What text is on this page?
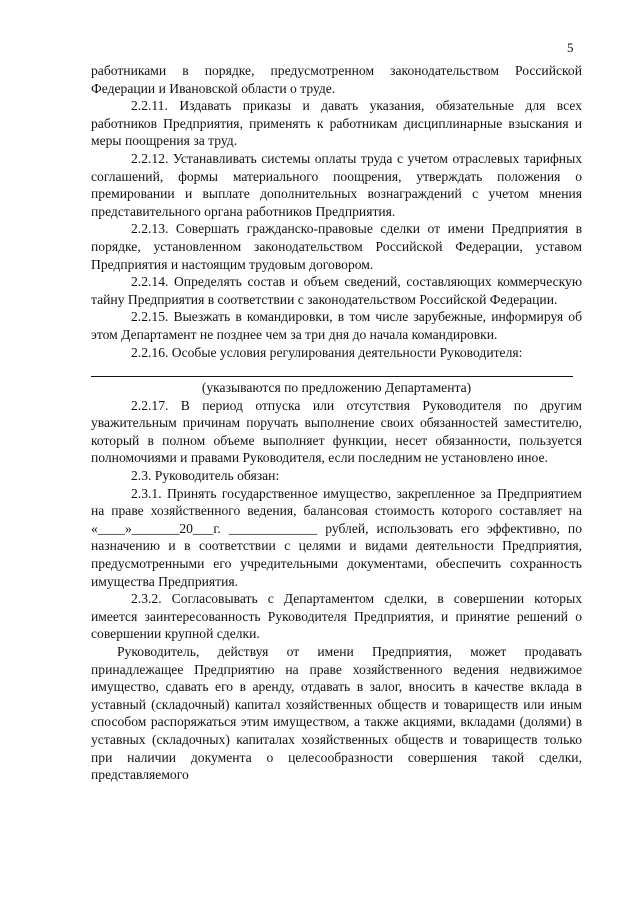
5

работниками в порядке, предусмотренном законодательством Российской Федерации и Ивановской области о труде.

2.2.11. Издавать приказы и давать указания, обязательные для всех работников Предприятия, применять к работникам дисциплинарные взыскания и меры поощрения за труд.

2.2.12. Устанавливать системы оплаты труда с учетом отраслевых тарифных соглашений, формы материального поощрения, утверждать положения о премировании и выплате дополнительных вознаграждений с учетом мнения представительного органа работников Предприятия.

2.2.13. Совершать гражданско-правовые сделки от имени Предприятия в порядке, установленном законодательством Российской Федерации, уставом Предприятия и настоящим трудовым договором.

2.2.14. Определять состав и объем сведений, составляющих коммерческую тайну Предприятия в соответствии с законодательством Российской Федерации.

2.2.15. Выезжать в командировки, в том числе зарубежные, информируя об этом Департамент не позднее чем за три дня до начала командировки.

2.2.16. Особые условия регулирования деятельности Руководителя:

(указываются по предложению Департамента)

2.2.17. В период отпуска или отсутствия Руководителя по другим уважительным причинам поручать выполнение своих обязанностей заместителю, который в полном объеме выполняет функции, несет обязанности, пользуется полномочиями и правами Руководителя, если последним не установлено иное.

2.3. Руководитель обязан:

2.3.1. Принять государственное имущество, закрепленное за Предприятием на праве хозяйственного ведения, балансовая стоимость которого составляет на «____»_______20___г. _____________ рублей, использовать его эффективно, по назначению и в соответствии с целями и видами деятельности Предприятия, предусмотренными его учредительными документами, обеспечить сохранность имущества Предприятия.

2.3.2. Согласовывать с Департаментом сделки, в совершении которых имеется заинтересованность Руководителя Предприятия, и принятие решений о совершении крупной сделки.

Руководитель, действуя от имени Предприятия, может продавать принадлежащее Предприятию на праве хозяйственного ведения недвижимое имущество, сдавать его в аренду, отдавать в залог, вносить в качестве вклада в уставный (складочный) капитал хозяйственных обществ и товариществ или иным способом распоряжаться этим имуществом, а также акциями, вкладами (долями) в уставных (складочных) капиталах хозяйственных обществ и товариществ только при наличии документа о целесообразности совершения такой сделки, представляемого
